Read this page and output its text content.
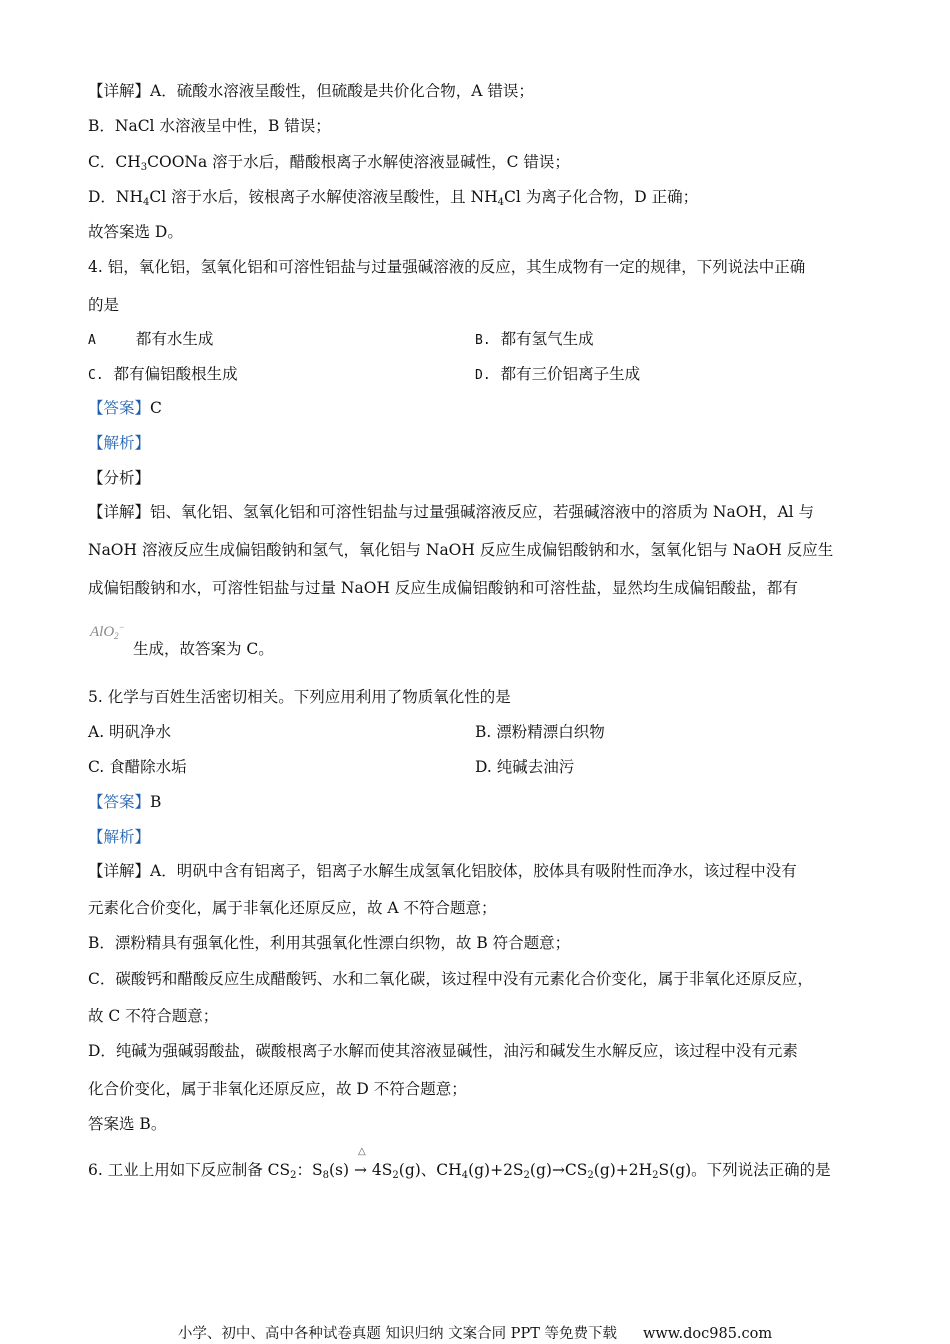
【详解】A．硫酸水溶液呈酸性，但硫酸是共价化合物，A 错误；
B．NaCl 水溶液呈中性，B 错误；
C．$CH_3COONa$ 溶于水后，醋酸根离子水解使溶液显碱性，C 错误；
D．$NH_4Cl$ 溶于水后，铵根离子水解使溶液呈酸性，且 $NH_4Cl$ 为离子化合物，D 正确；
故答案选 D。
4. 铝，氧化铝，氢氧化铝和可溶性铝盐与过量强碱溶液的反应，其生成物有一定的规律，下列说法中正确
的是
A	都有水生成	B. 都有氢气生成
C. 都有偏铝酸根生成	D. 都有三价铝离子生成
【答案】C
【解析】
【分析】
【详解】铝、氧化铝、氢氧化铝和可溶性铝盐与过量强碱溶液反应，若强碱溶液中的溶质为 NaOH，Al 与
NaOH 溶液反应生成偏铝酸钠和氢气，氧化铝与 NaOH 反应生成偏铝酸钠和水，氢氧化铝与 NaOH 反应生
成偏铝酸钠和水，可溶性铝盐与过量 NaOH 反应生成偏铝酸钠和可溶性盐，显然均生成偏铝酸盐，都有
AlO$_2$−
生成，故答案为 C。
5. 化学与百姓生活密切相关。下列应用利用了物质氧化性的是
A. 明矾净水	B. 漂粉精漂白织物
C. 食醋除水垢	D. 纯碱去油污
【答案】B
【解析】
【详解】A．明矾中含有铝离子，铝离子水解生成氢氧化铝胶体，胶体具有吸附性而净水，该过程中没有
元素化合价变化，属于非氧化还原反应，故 A 不符合题意；
B．漂粉精具有强氧化性，利用其强氧化性漂白织物，故 B 符合题意；
C．碳酸钙和醋酸反应生成醋酸钙、水和二氧化碳，该过程中没有元素化合价变化，属于非氧化还原反应，
故 C 不符合题意；
D．纯碱为强碱弱酸盐，碳酸根离子水解而使其溶液显碱性，油污和碱发生水解反应，该过程中没有元素
化合价变化，属于非氧化还原反应，故 D 不符合题意；
答案选 B。
△
6. 工业上用如下反应制备 $CS_2$：$S_8(s) \to 4S_2(g)$、$CH_4(g)+2S_2(g)\to CS_2(g)+2H_2S(g)$。下列说法正确的是
小学、初中、高中各种试卷真题 知识归纳 文案合同 PPT 等免费下载 www.doc985.com
